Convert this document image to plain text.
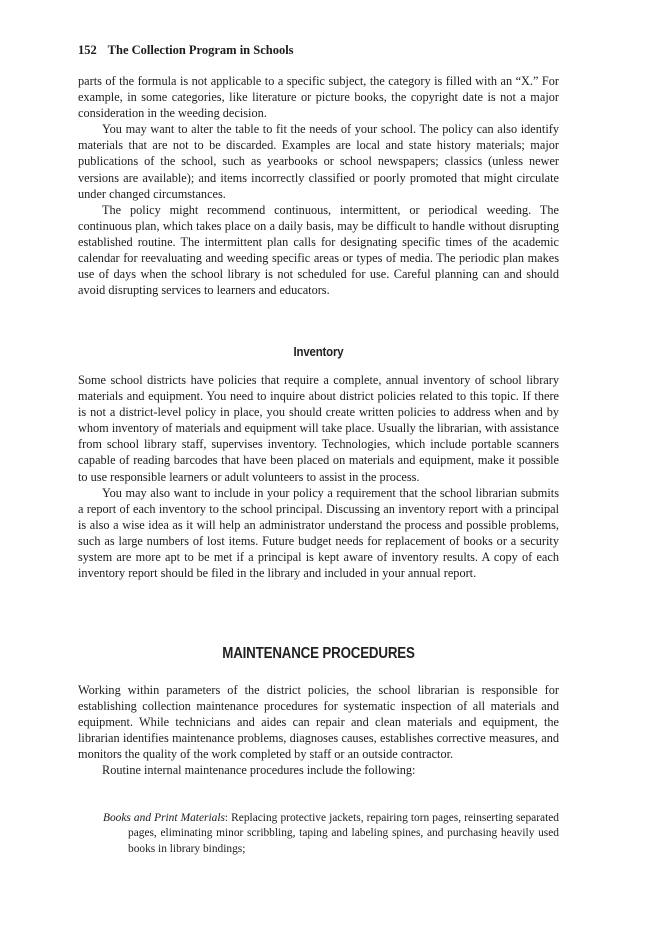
152 The Collection Program in Schools

parts of the formula is not applicable to a specific subject, the category is filled with an “X.” For example, in some categories, like literature or picture books, the copyright date is not a major consideration in the weeding decision.

You may want to alter the table to fit the needs of your school. The policy can also identify materials that are not to be discarded. Examples are local and state history materials; major publications of the school, such as yearbooks or school newspapers; classics (unless newer versions are available); and items incorrectly classified or poorly promoted that might circulate under changed circumstances.

The policy might recommend continuous, intermittent, or periodical weeding. The continuous plan, which takes place on a daily basis, may be difficult to handle without disrupting established routine. The intermittent plan calls for designating specific times of the academic calendar for reevaluating and weeding specific areas or types of media. The periodic plan makes use of days when the school library is not scheduled for use. Careful planning can and should avoid disrupting services to learners and educators.

Inventory

Some school districts have policies that require a complete, annual inventory of school library materials and equipment. You need to inquire about district policies related to this topic. If there is not a district-level policy in place, you should create written policies to address when and by whom inventory of materials and equipment will take place. Usually the librarian, with assistance from school library staff, supervises inventory. Technologies, which include portable scanners capable of reading barcodes that have been placed on materials and equipment, make it possible to use responsible learners or adult volunteers to assist in the process.

You may also want to include in your policy a requirement that the school librarian submits a report of each inventory to the school principal. Discussing an inventory report with a principal is also a wise idea as it will help an administrator understand the process and possible problems, such as large numbers of lost items. Future budget needs for replacement of books or a security system are more apt to be met if a principal is kept aware of inventory results. A copy of each inventory report should be filed in the library and included in your annual report.

MAINTENANCE PROCEDURES

Working within parameters of the district policies, the school librarian is responsible for establishing collection maintenance procedures for systematic inspection of all materials and equipment. While technicians and aides can repair and clean materials and equipment, the librarian identifies maintenance problems, diagnoses causes, establishes corrective measures, and monitors the quality of the work completed by staff or an outside contractor.

Routine internal maintenance procedures include the following:

Books and Print Materials: Replacing protective jackets, repairing torn pages, reinserting separated pages, eliminating minor scribbling, taping and labeling spines, and purchasing heavily used books in library bindings;
